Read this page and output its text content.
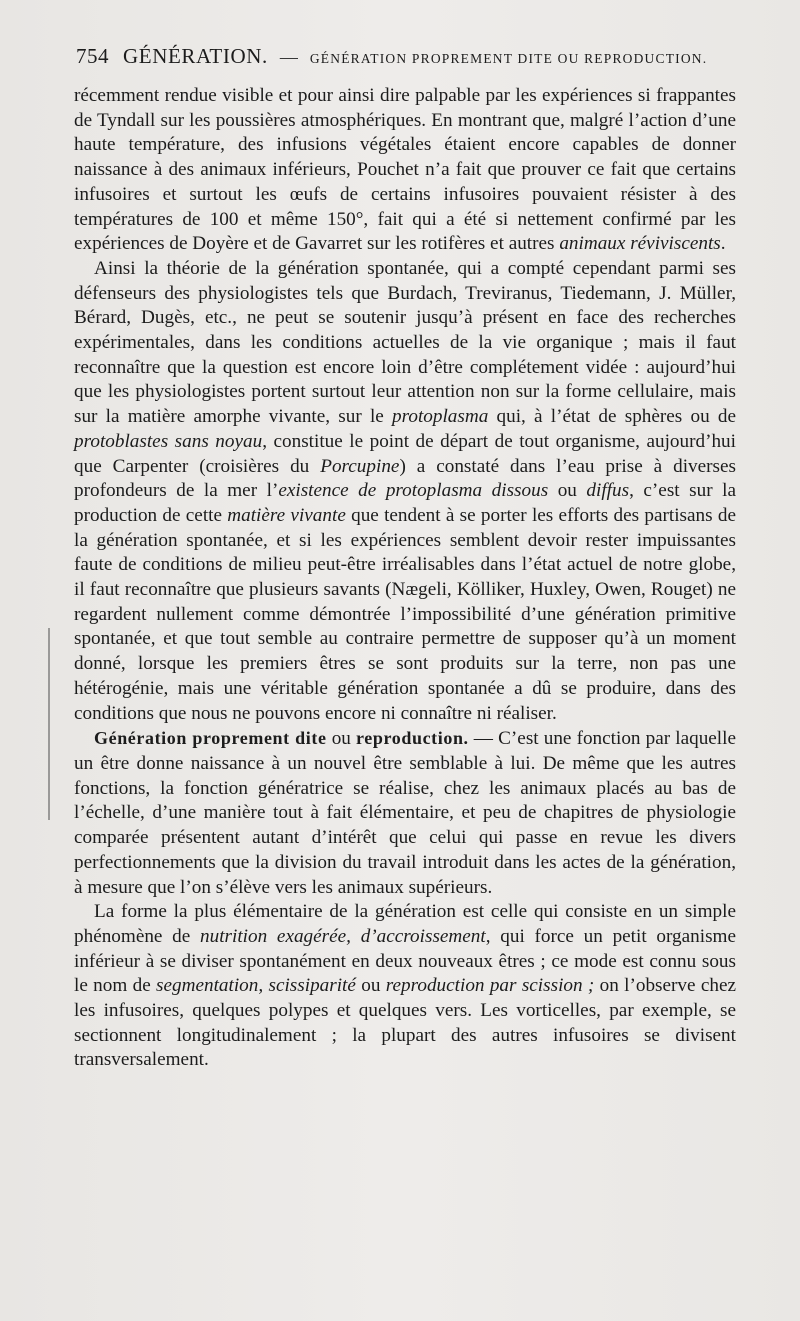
754 GÉNÉRATION. — GÉNÉRATION PROPREMENT DITE OU REPRODUCTION.

récemment rendue visible et pour ainsi dire palpable par les expériences si frappantes de Tyndall sur les poussières atmosphériques. En montrant que, malgré l’action d’une haute température, des infusions végétales étaient encore capables de donner naissance à des animaux inférieurs, Pouchet n’a fait que prouver ce fait que certains infusoires et surtout les œufs de certains infusoires pouvaient résister à des températures de 100 et même 150°, fait qui a été si nettement confirmé par les expériences de Doyère et de Gavarret sur les rotifères et autres animaux réviviscents.

Ainsi la théorie de la génération spontanée, qui a compté cependant parmi ses défenseurs des physiologistes tels que Burdach, Treviranus, Tiedemann, J. Müller, Bérard, Dugès, etc., ne peut se soutenir jusqu’à présent en face des recherches expérimentales, dans les conditions actuelles de la vie organique ; mais il faut reconnaître que la question est encore loin d’être complétement vidée : aujourd’hui que les physiologistes portent surtout leur attention non sur la forme cellulaire, mais sur la matière amorphe vivante, sur le protoplasma qui, à l’état de sphères ou de protoblastes sans noyau, constitue le point de départ de tout organisme, aujourd’hui que Carpenter (croisières du Porcupine) a constaté dans l’eau prise à diverses profondeurs de la mer l’existence de protoplasma dissous ou diffus, c’est sur la production de cette matière vivante que tendent à se porter les efforts des partisans de la génération spontanée, et si les expériences semblent devoir rester impuissantes faute de conditions de milieu peut-être irréalisables dans l’état actuel de notre globe, il faut reconnaître que plusieurs savants (Nægeli, Kölliker, Huxley, Owen, Rouget) ne regardent nullement comme démontrée l’impossibilité d’une génération primitive spontanée, et que tout semble au contraire permettre de supposer qu’à un moment donné, lorsque les premiers êtres se sont produits sur la terre, non pas une hétérogénie, mais une véritable génération spontanée a dû se produire, dans des conditions que nous ne pouvons encore ni connaître ni réaliser.

Génération proprement dite ou reproduction. — C’est une fonction par laquelle un être donne naissance à un nouvel être semblable à lui. De même que les autres fonctions, la fonction génératrice se réalise, chez les animaux placés au bas de l’échelle, d’une manière tout à fait élémentaire, et peu de chapitres de physiologie comparée présentent autant d’intérêt que celui qui passe en revue les divers perfectionnements que la division du travail introduit dans les actes de la génération, à mesure que l’on s’élève vers les animaux supérieurs.

La forme la plus élémentaire de la génération est celle qui consiste en un simple phénomène de nutrition exagérée, d’accroissement, qui force un petit organisme inférieur à se diviser spontanément en deux nouveaux êtres ; ce mode est connu sous le nom de segmentation, scissiparité ou reproduction par scission ; on l’observe chez les infusoires, quelques polypes et quelques vers. Les vorticelles, par exemple, se sectionnent longitudinalement ; la plupart des autres infusoires se divisent transversalement.
